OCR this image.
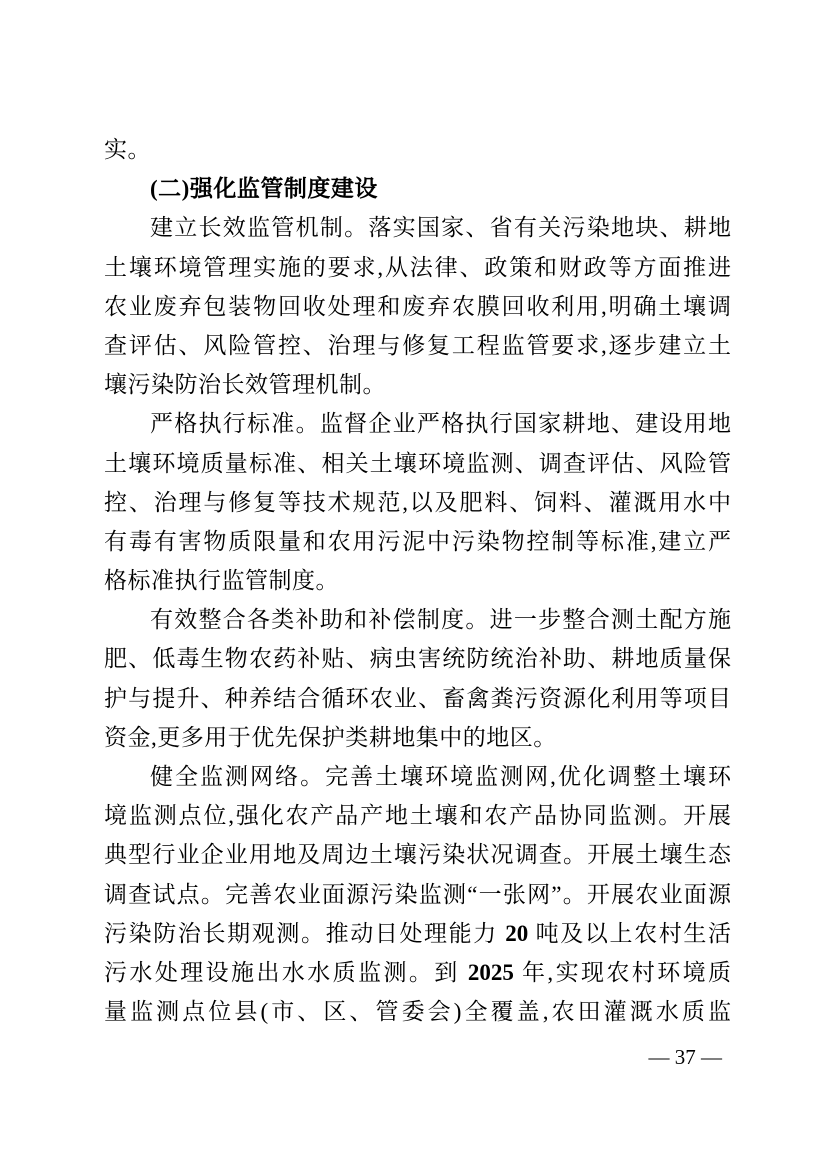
实。
(二)强化监管制度建设
建立长效监管机制。落实国家、省有关污染地块、耕地
土壤环境管理实施的要求,从法律、政策和财政等方面推进
农业废弃包装物回收处理和废弃农膜回收利用,明确土壤调
查评估、风险管控、治理与修复工程监管要求,逐步建立土
壤污染防治长效管理机制。
严格执行标准。监督企业严格执行国家耕地、建设用地
土壤环境质量标准、相关土壤环境监测、调查评估、风险管
控、治理与修复等技术规范,以及肥料、饲料、灌溉用水中
有毒有害物质限量和农用污泥中污染物控制等标准,建立严
格标准执行监管制度。
有效整合各类补助和补偿制度。进一步整合测土配方施
肥、低毒生物农药补贴、病虫害统防统治补助、耕地质量保
护与提升、种养结合循环农业、畜禽粪污资源化利用等项目
资金,更多用于优先保护类耕地集中的地区。
健全监测网络。完善土壤环境监测网,优化调整土壤环
境监测点位,强化农产品产地土壤和农产品协同监测。开展
典型行业企业用地及周边土壤污染状况调查。开展土壤生态
调查试点。完善农业面源污染监测“一张网”。开展农业面源
污染防治长期观测。推动日处理能力 20 吨及以上农村生活
污水处理设施出水水质监测。到 2025 年,实现农村环境质
量监测点位县(市、区、管委会)全覆盖,农田灌溉水质监
— 37 —
